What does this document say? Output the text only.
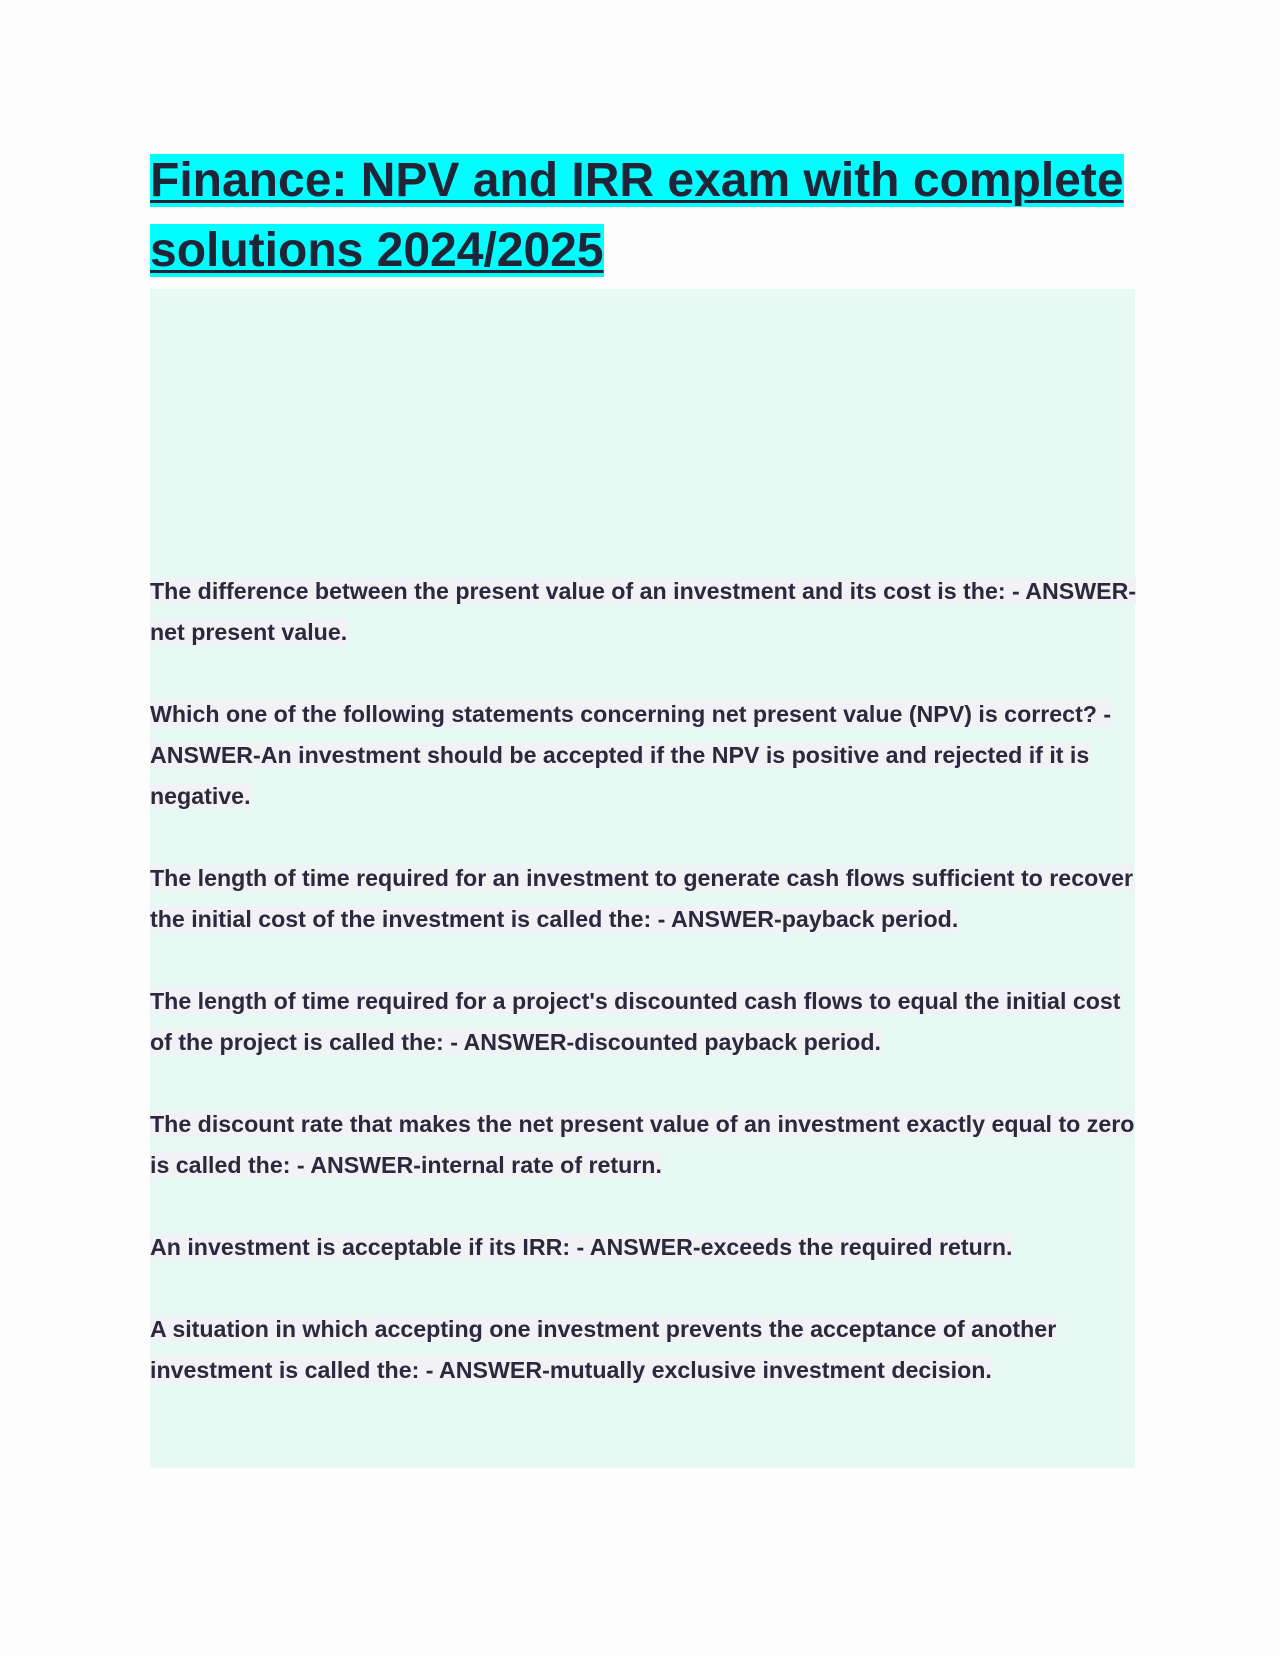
Finance: NPV and IRR exam with complete
solutions 2024/2025
The difference between the present value of an investment and its cost is the: - ANSWER-net present value.
Which one of the following statements concerning net present value (NPV) is correct? - ANSWER-An investment should be accepted if the NPV is positive and rejected if it is negative.
The length of time required for an investment to generate cash flows sufficient to recover the initial cost of the investment is called the: - ANSWER-payback period.
The length of time required for a project's discounted cash flows to equal the initial cost of the project is called the: - ANSWER-discounted payback period.
The discount rate that makes the net present value of an investment exactly equal to zero is called the: - ANSWER-internal rate of return.
An investment is acceptable if its IRR: - ANSWER-exceeds the required return.
A situation in which accepting one investment prevents the acceptance of another investment is called the: - ANSWER-mutually exclusive investment decision.
